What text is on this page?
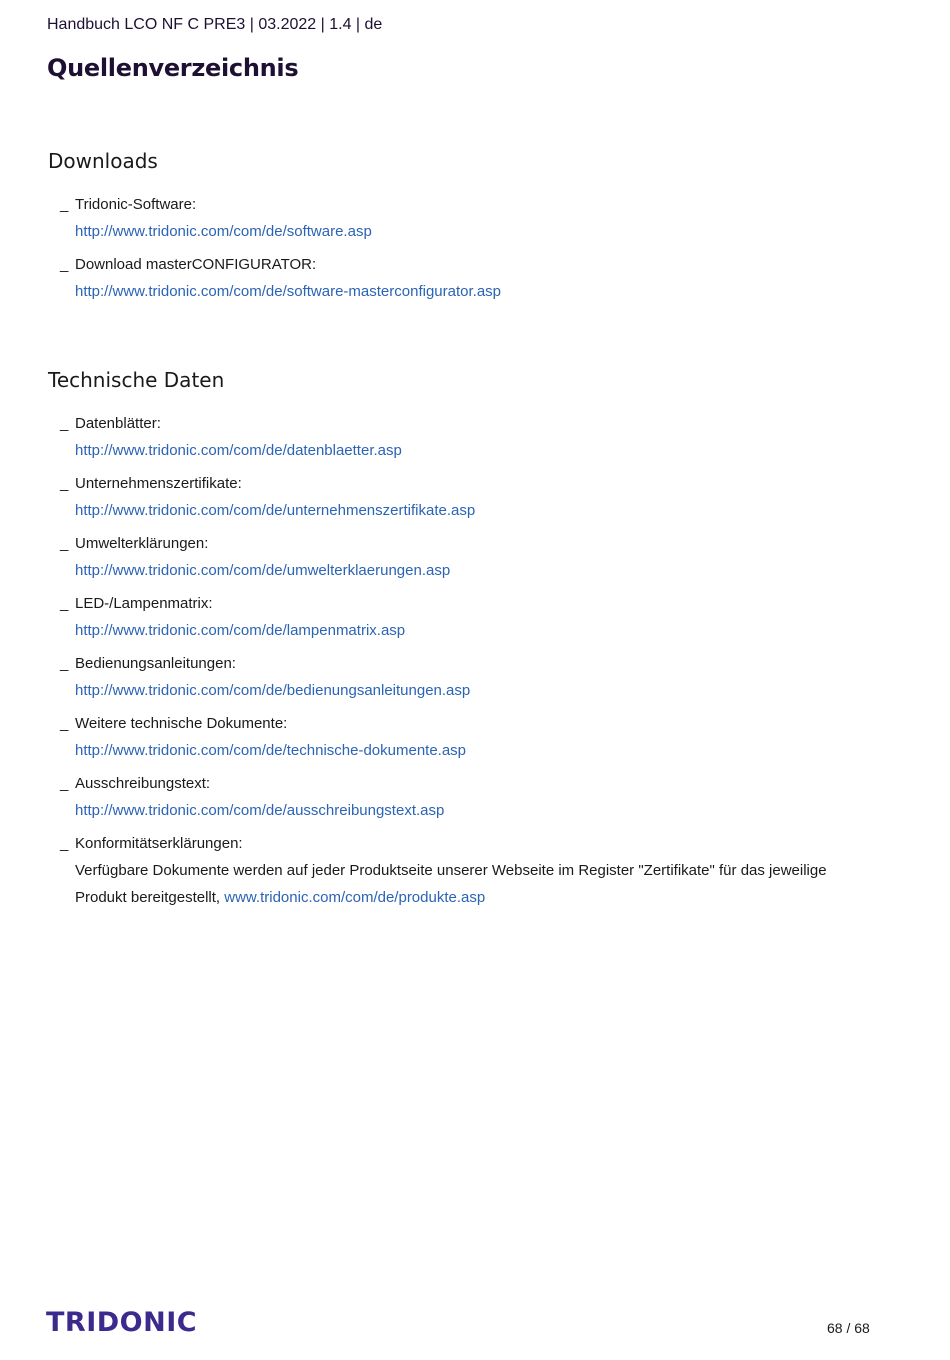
Handbuch LCO NF C PRE3 | 03.2022 | 1.4 | de
Quellenverzeichnis
Downloads
_ Tridonic-Software:
http://www.tridonic.com/com/de/software.asp
_ Download masterCONFIGURATOR:
http://www.tridonic.com/com/de/software-masterconfigurator.asp
Technische Daten
_ Datenblätter:
http://www.tridonic.com/com/de/datenblaetter.asp
_ Unternehmenszertifikate:
http://www.tridonic.com/com/de/unternehmenszertifikate.asp
_ Umwelterklärungen:
http://www.tridonic.com/com/de/umwelterklaerungen.asp
_ LED-/Lampenmatrix:
http://www.tridonic.com/com/de/lampenmatrix.asp
_ Bedienungsanleitungen:
http://www.tridonic.com/com/de/bedienungsanleitungen.asp
_ Weitere technische Dokumente:
http://www.tridonic.com/com/de/technische-dokumente.asp
_ Ausschreibungstext:
http://www.tridonic.com/com/de/ausschreibungstext.asp
_ Konformitätserklärungen:
Verfügbare Dokumente werden auf jeder Produktseite unserer Webseite im Register "Zertifikate" für das jeweilige Produkt bereitgestellt, www.tridonic.com/com/de/produkte.asp
TRIDONIC	68 / 68
